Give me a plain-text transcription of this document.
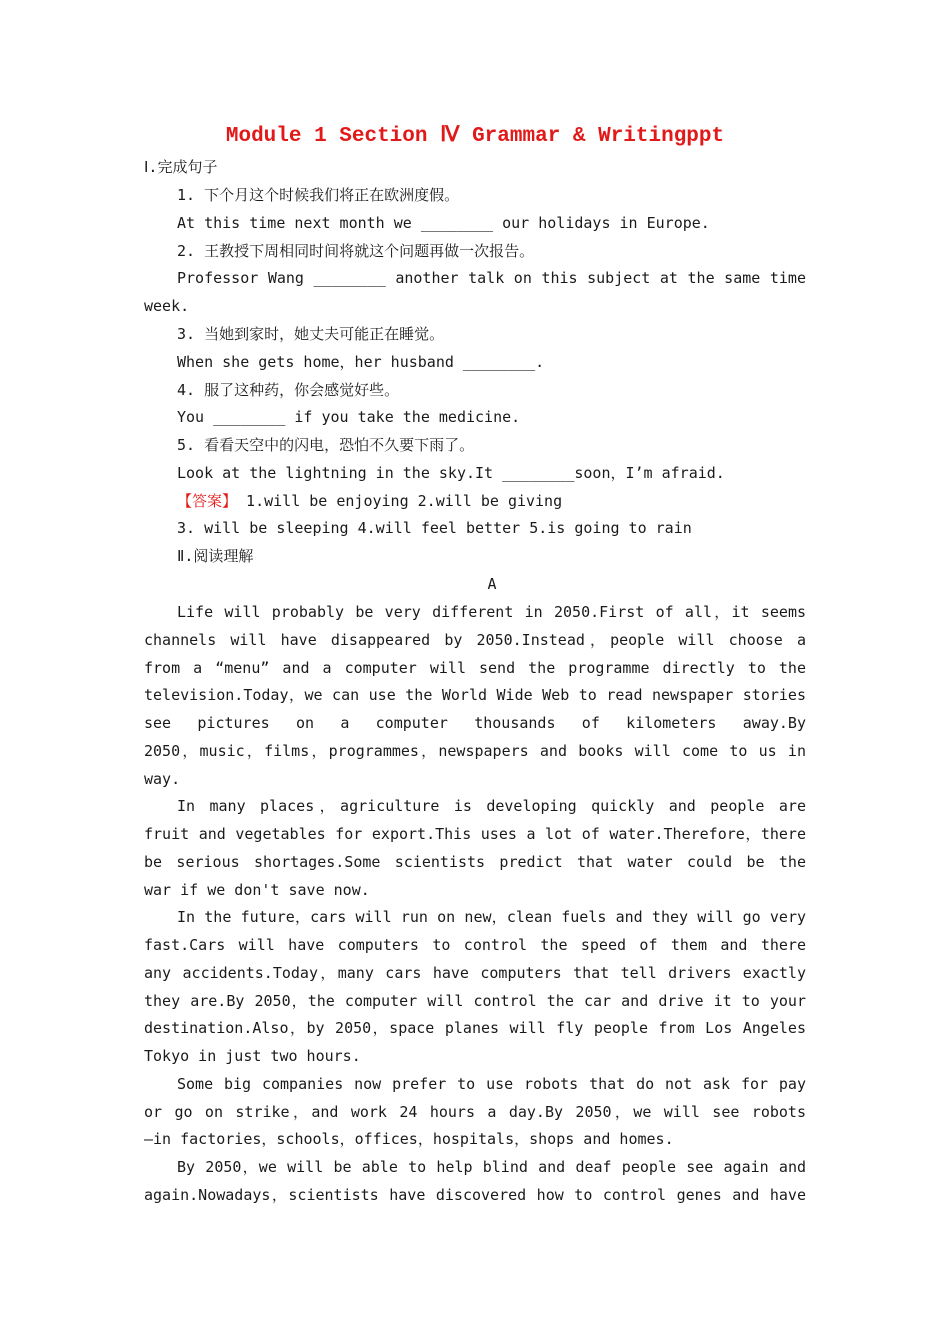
Module 1 Section Ⅳ Grammar & Writingppt
Ⅰ.完成句子
1. 下个月这个时候我们将正在欧洲度假。
At this time next month we ________ our holidays in Europe.
2. 王教授下周相同时间将就这个问题再做一次报告。
Professor Wang ________ another talk on this subject at the same time
week.
3. 当她到家时，她丈夫可能正在睡觉。
When she gets home，her husband ________.
4. 服了这种药，你会感觉好些。
You ________ if you take the medicine.
5. 看看天空中的闪电，恐怕不久要下雨了。
Look at the lightning in the sky.It ________soon，I’m afraid.
【答案】 1.will be enjoying 2.will be giving
3. will be sleeping 4.will feel better 5.is going to rain
Ⅱ.阅读理解
A
Life will probably be very different in 2050.First of all，it seems
channels will have disappeared by 2050.Instead，people will choose a
from a “menu” and a computer will send the programme directly to the
television.Today，we can use the World Wide Web to read newspaper stories
see pictures on a computer thousands of kilometers away.By
2050，music，films，programmes，newspapers and books will come to us in
way.
In many places，agriculture is developing quickly and people are
fruit and vegetables for export.This uses a lot of water.Therefore，there
be serious shortages.Some scientists predict that water could be the
war if we don't save now.
In the future，cars will run on new，clean fuels and they will go very
fast.Cars will have computers to control the speed of them and there
any accidents.Today，many cars have computers that tell drivers exactly
they are.By 2050，the computer will control the car and drive it to your
destination.Also，by 2050，space planes will fly people from Los Angeles
Tokyo in just two hours.
Some big companies now prefer to use robots that do not ask for pay
or go on strike，and work 24 hours a day.By 2050，we will see robots
—in factories，schools，offices，hospitals，shops and homes.
By 2050，we will be able to help blind and deaf people see again and
again.Nowadays，scientists have discovered how to control genes and have
